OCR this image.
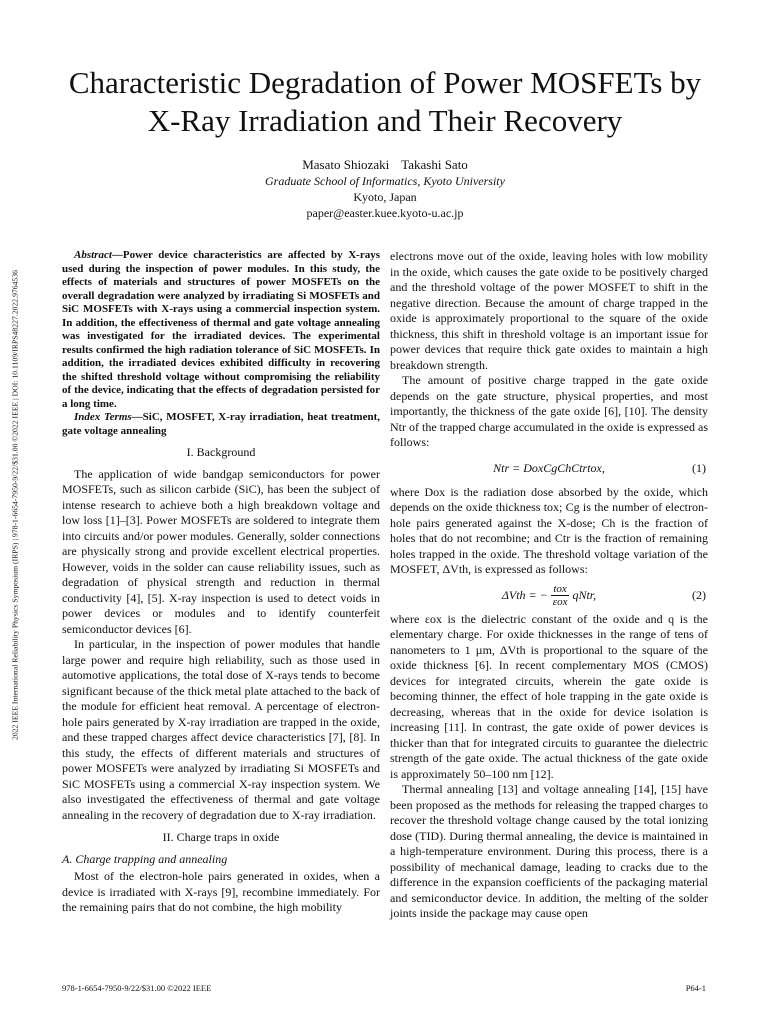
2022 IEEE International Reliability Physics Symposium (IRPS) | 978-1-6654-7950-9/22/$31.00 ©2022 IEEE | DOI: 10.1109/IRPS48227.2022.9764536
Characteristic Degradation of Power MOSFETs by
X-Ray Irradiation and Their Recovery
Masato Shiozaki Takashi Sato
Graduate School of Informatics, Kyoto University
Kyoto, Japan
paper@easter.kuee.kyoto-u.ac.jp

Abstract—Power device characteristics are affected by X-rays used during the inspection of power modules. In this study, the effects of materials and structures of power MOSFETs on the overall degradation were analyzed by irradiating Si MOSFETs and SiC MOSFETs with X-rays using a commercial inspection system. In addition, the effectiveness of thermal and gate voltage annealing was investigated for the irradiated devices. The experimental results confirmed the high radiation tolerance of SiC MOSFETs. In addition, the irradiated devices exhibited difficulty in recovering the shifted threshold voltage without compromising the reliability of the device, indicating that the effects of degradation persisted for a long time.

Index Terms—SiC, MOSFET, X-ray irradiation, heat treatment, gate voltage annealing

I. Background

The application of wide bandgap semiconductors for power MOSFETs, such as silicon carbide (SiC), has been the subject of intense research to achieve both a high breakdown voltage and low loss [1]–[3]. Power MOSFETs are soldered to integrate them into circuits and/or power modules. Generally, solder connections are physically strong and provide excellent electrical properties. However, voids in the solder can cause reliability issues, such as degradation of physical strength and reduction in thermal conductivity [4], [5]. X-ray inspection is used to detect voids in power devices or modules and to identify counterfeit semiconductor devices [6].

In particular, in the inspection of power modules that handle large power and require high reliability, such as those used in automotive applications, the total dose of X-rays tends to become significant because of the thick metal plate attached to the back of the module for efficient heat removal. A percentage of electron-hole pairs generated by X-ray irradiation are trapped in the oxide, and these trapped charges affect device characteristics [7], [8]. In this study, the effects of different materials and structures of power MOSFETs were analyzed by irradiating Si MOSFETs and SiC MOSFETs using a commercial X-ray inspection system. We also investigated the effectiveness of thermal and gate voltage annealing in the recovery of degradation due to X-ray irradiation.

II. Charge traps in oxide
A. Charge trapping and annealing

Most of the electron-hole pairs generated in oxides, when a device is irradiated with X-rays [9], recombine immediately. For the remaining pairs that do not combine, the high mobility

electrons move out of the oxide, leaving holes with low mobility in the oxide, which causes the gate oxide to be positively charged and the threshold voltage of the power MOSFET to shift in the negative direction. Because the amount of charge trapped in the oxide is approximately proportional to the square of the oxide thickness, this shift in threshold voltage is an important issue for power devices that require thick gate oxides to maintain a high breakdown strength.

The amount of positive charge trapped in the gate oxide depends on the gate structure, physical properties, and most importantly, the thickness of the gate oxide [6], [10]. The density Ntr of the trapped charge accumulated in the oxide is expressed as follows:

Ntr = DoxCgChCtrtox,	(1)

where Dox is the radiation dose absorbed by the oxide, which depends on the oxide thickness tox; Cg is the number of electron-hole pairs generated against the X-dose; Ch is the fraction of holes that do not recombine; and Ctr is the fraction of remaining holes trapped in the oxide. The threshold voltage variation of the MOSFET, ΔVth, is expressed as follows:

ΔVth = − $\frac{\text{tox}}{\text{εox}}$ qNtr,	(2)

where εox is the dielectric constant of the oxide and q is the elementary charge. For oxide thicknesses in the range of tens of nanometers to 1 µm, ΔVth is proportional to the square of the oxide thickness [6]. In recent complementary MOS (CMOS) devices for integrated circuits, wherein the gate oxide is becoming thinner, the effect of hole trapping in the gate oxide is decreasing, whereas that in the oxide for device isolation is increasing [11]. In contrast, the gate oxide of power devices is thicker than that for integrated circuits to guarantee the dielectric strength of the gate oxide. The actual thickness of the gate oxide is approximately 50–100 nm [12].

Thermal annealing [13] and voltage annealing [14], [15] have been proposed as the methods for releasing the trapped charges to recover the threshold voltage change caused by the total ionizing dose (TID). During thermal annealing, the device is maintained in a high-temperature environment. During this process, there is a possibility of mechanical damage, leading to cracks due to the difference in the expansion coefficients of the packaging material and semiconductor device. In addition, the melting of the solder joints inside the package may cause open

978-1-6654-7950-9/22/$31.00 ©2022 IEEE	P64-1
